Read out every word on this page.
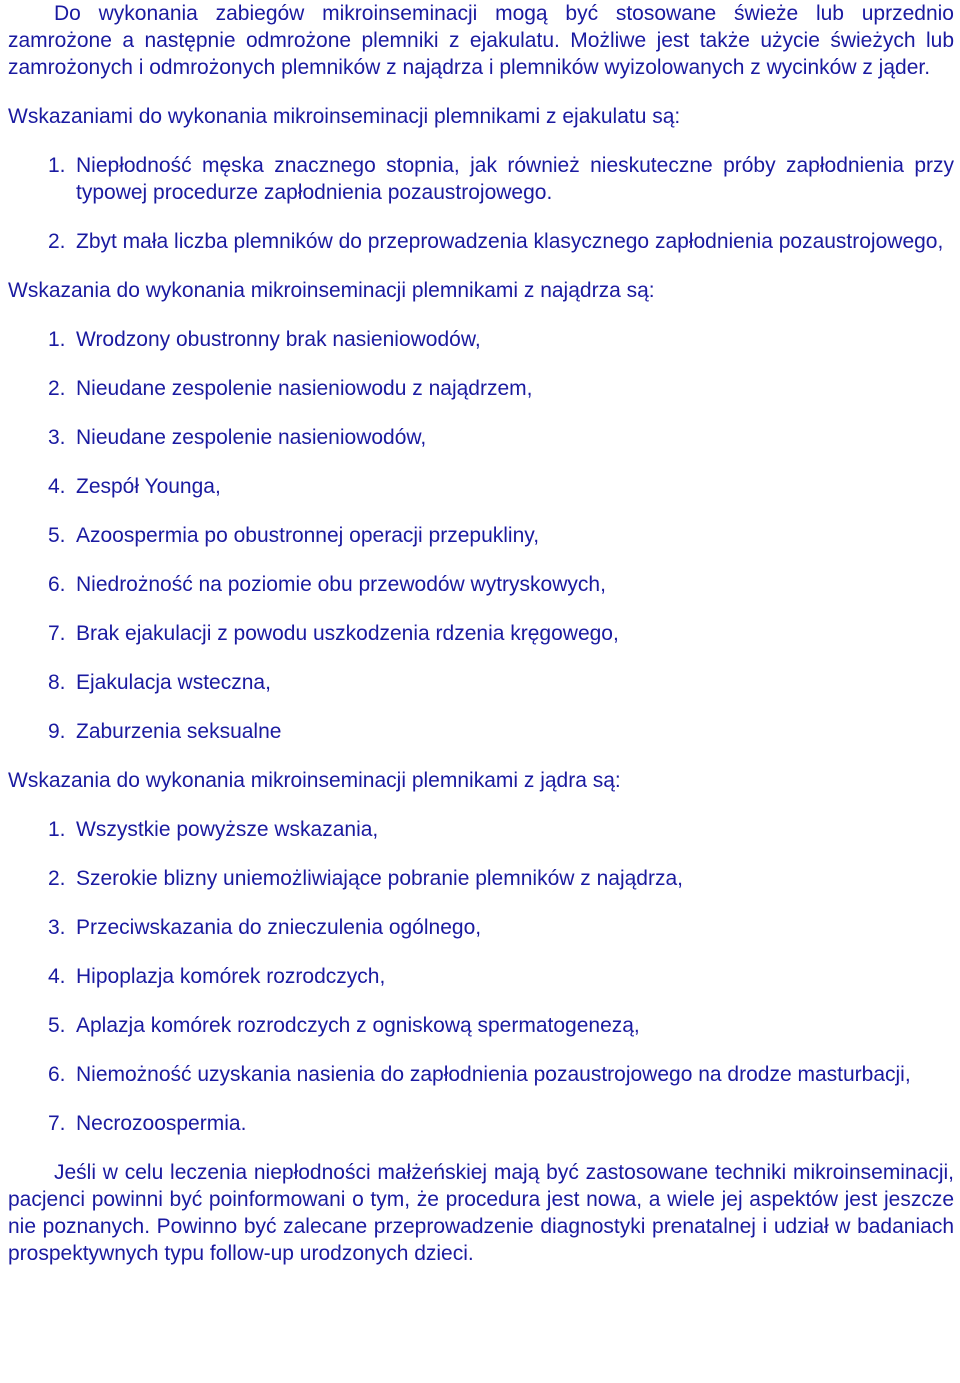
Do wykonania zabiegów mikroinseminacji mogą być stosowane świeże lub uprzednio zamrożone a następnie odmrożone plemniki z ejakulatu. Możliwe jest także użycie świeżych lub zamrożonych i odmrożonych plemników z najądrza i plemników wyizolowanych z wycinków z jąder.

Wskazaniami do wykonania mikroinseminacji plemnikami z ejakulatu są:

1. Niepłodność męska znacznego stopnia, jak również nieskuteczne próby zapłodnienia przy typowej procedurze zapłodnienia pozaustrojowego.
2. Zbyt mała liczba plemników do przeprowadzenia klasycznego zapłodnienia pozaustrojowego,

Wskazania do wykonania mikroinseminacji plemnikami z najądrza są:

1. Wrodzony obustronny brak nasieniowodów,
2. Nieudane zespolenie nasieniowodu z najądrzem,
3. Nieudane zespolenie nasieniowodów,
4. Zespół Younga,
5. Azoospermia po obustronnej operacji przepukliny,
6. Niedrożność na poziomie obu przewodów wytryskowych,
7. Brak ejakulacji z powodu uszkodzenia rdzenia kręgowego,
8. Ejakulacja wsteczna,
9. Zaburzenia seksualne

Wskazania do wykonania mikroinseminacji plemnikami z jądra są:

1. Wszystkie powyższe wskazania,
2. Szerokie blizny uniemożliwiające pobranie plemników z najądrza,
3. Przeciwskazania do znieczulenia ogólnego,
4. Hipoplazja komórek rozrodczych,
5. Aplazja komórek rozrodczych z ogniskową spermatogenezą,
6. Niemożność uzyskania nasienia do zapłodnienia pozaustrojowego na drodze masturbacji,
7. Necrozoospermia.

Jeśli w celu leczenia niepłodności małżeńskiej mają być zastosowane techniki mikroinseminacji, pacjenci powinni być poinformowani o tym, że procedura jest nowa, a wiele jej aspektów jest jeszcze nie poznanych. Powinno być zalecane przeprowadzenie diagnostyki prenatalnej i udział w badaniach prospektywnych typu follow-up urodzonych dzieci.
